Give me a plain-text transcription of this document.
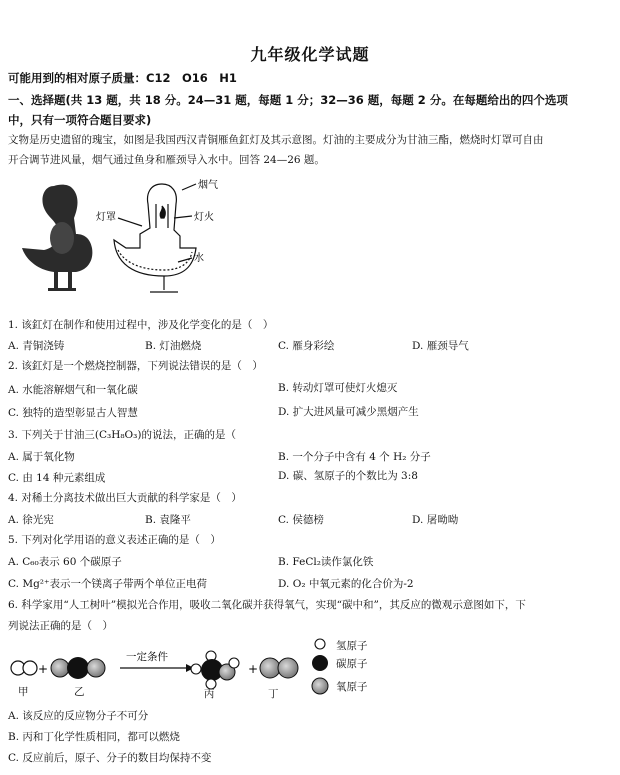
九年级化学试题
可能用到的相对原子质量：C12　O16　H1
一、选择题(共 13 题，共 18 分。24—31 题，每题 1 分；32—36 题，每题 2 分。在每题给出的四个选项
中，只有一项符合题目要求)
文物是历史遗留的瑰宝，如图是我国西汉青铜雁鱼釭灯及其示意图。灯油的主要成分为甘油三酯，燃烧时灯罩可自由
开合调节进风量，烟气通过鱼身和雁颈导入水中。回答 24—26 题。
烟气
灯罩	灯火
水
1. 该釭灯在制作和使用过程中，涉及化学变化的是（　）
A. 青铜浇铸	B. 灯油燃烧	C. 雁身彩绘	D. 雁颈导气
2. 该釭灯是一个燃烧控制器，下列说法错误的是（　）
A. 水能溶解烟气和一氧化碳	B. 转动灯罩可使灯火熄灭
C. 独特的造型彰显古人智慧	D. 扩大进风量可减少黑烟产生
3. 下列关于甘油三(C₃H₈O₃)的说法，正确的是（
A. 属于氧化物	B. 一个分子中含有 4 个 H₂ 分子
C. 由 14 种元素组成	D. 碳、氢原子的个数比为 3:8
4. 对稀土分离技术做出巨大贡献的科学家是（　）
A. 徐光宪	B. 袁隆平	C. 侯德榜	D. 屠呦呦
5. 下列对化学用语的意义表述正确的是（　）
A. C₆₀表示 60 个碳原子	B. FeCl₂读作氯化铁
C. Mg²⁺表示一个镁离子带两个单位正电荷	D. O₂ 中氧元素的化合价为-2
6. 科学家用“人工树叶”模拟光合作用，吸收二氧化碳并获得氧气，实现“碳中和”，其反应的微观示意图如下，下
列说法正确的是（　）
+
一定条件
+
氢原子
碳原子
氧原子
甲	乙	丙	丁
A. 该反应的反应物分子不可分
B. 丙和丁化学性质相同，都可以燃烧
C. 反应前后，原子、分子的数目均保持不变
